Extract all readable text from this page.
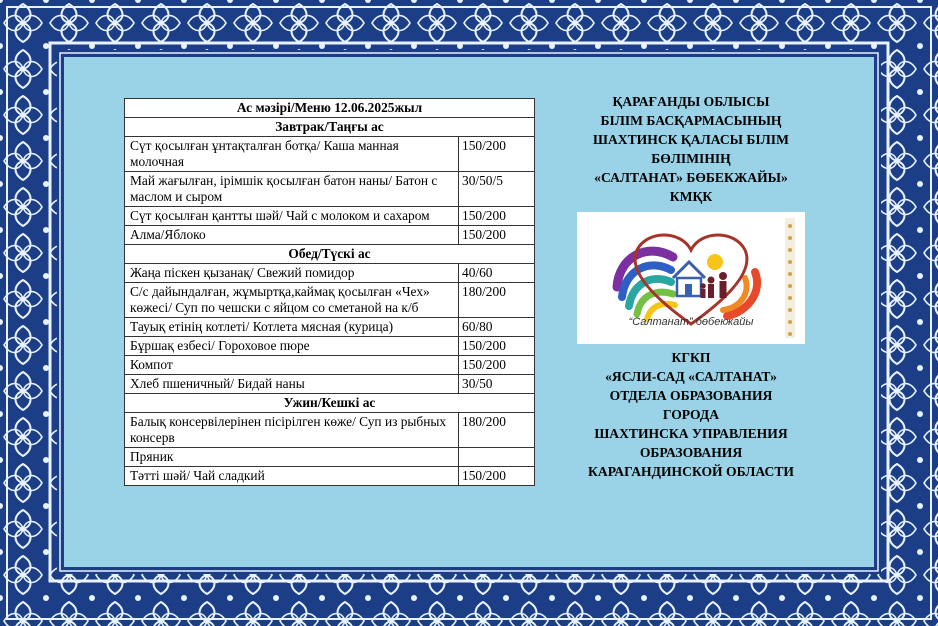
Ас мәзірі/Меню 12.06.2025жыл	
Завтрак/Таңғы ас	
Сүт қосылған ұнтақталған ботқа/ Каша манная молочная	150/200
Май жағылған, ірімшік қосылған батон наны/ Батон с маслом и сыром	30/50/5
Сүт қосылған қантты шәй/ Чай с молоком и сахаром	150/200
Алма/Яблоко	150/200
Обед/Түскі ас	
Жаңа піскен қызанақ/ Свежий помидор	40/60
С/с дайындалған, жұмыртқа,каймақ қосылған «Чех» көжесі/ Суп по чешски с яйцом со сметаной на к/б	180/200
Тауық етінің котлеті/ Котлета мясная (курица)	60/80
Бұршақ езбесі/ Гороховое пюре	150/200
Компот	150/200
Хлеб пшеничный/ Бидай наны	30/50
Ужин/Кешкі ас	
Балық консервілерінен пісірілген көже/ Суп из рыбных консерв	180/200
Пряник	
Тәтті шәй/ Чай сладкий	150/200
ҚАРАҒАНДЫ ОБЛЫСЫ
БІЛІМ БАСҚАРМАСЫНЫҢ
ШАХТИНСК ҚАЛАСЫ БІЛІМ
БӨЛІМІНІҢ
«САЛТАНАТ» БӨБЕКЖАЙЫ»
КМҚК
“Салтанат” бөбекжайы
КГКП
«ЯСЛИ-САД «САЛТАНАТ»
ОТДЕЛА ОБРАЗОВАНИЯ
ГОРОДА
ШАХТИНСКА УПРАВЛЕНИЯ
ОБРАЗОВАНИЯ
КАРАГАНДИНСКОЙ ОБЛАСТИ
